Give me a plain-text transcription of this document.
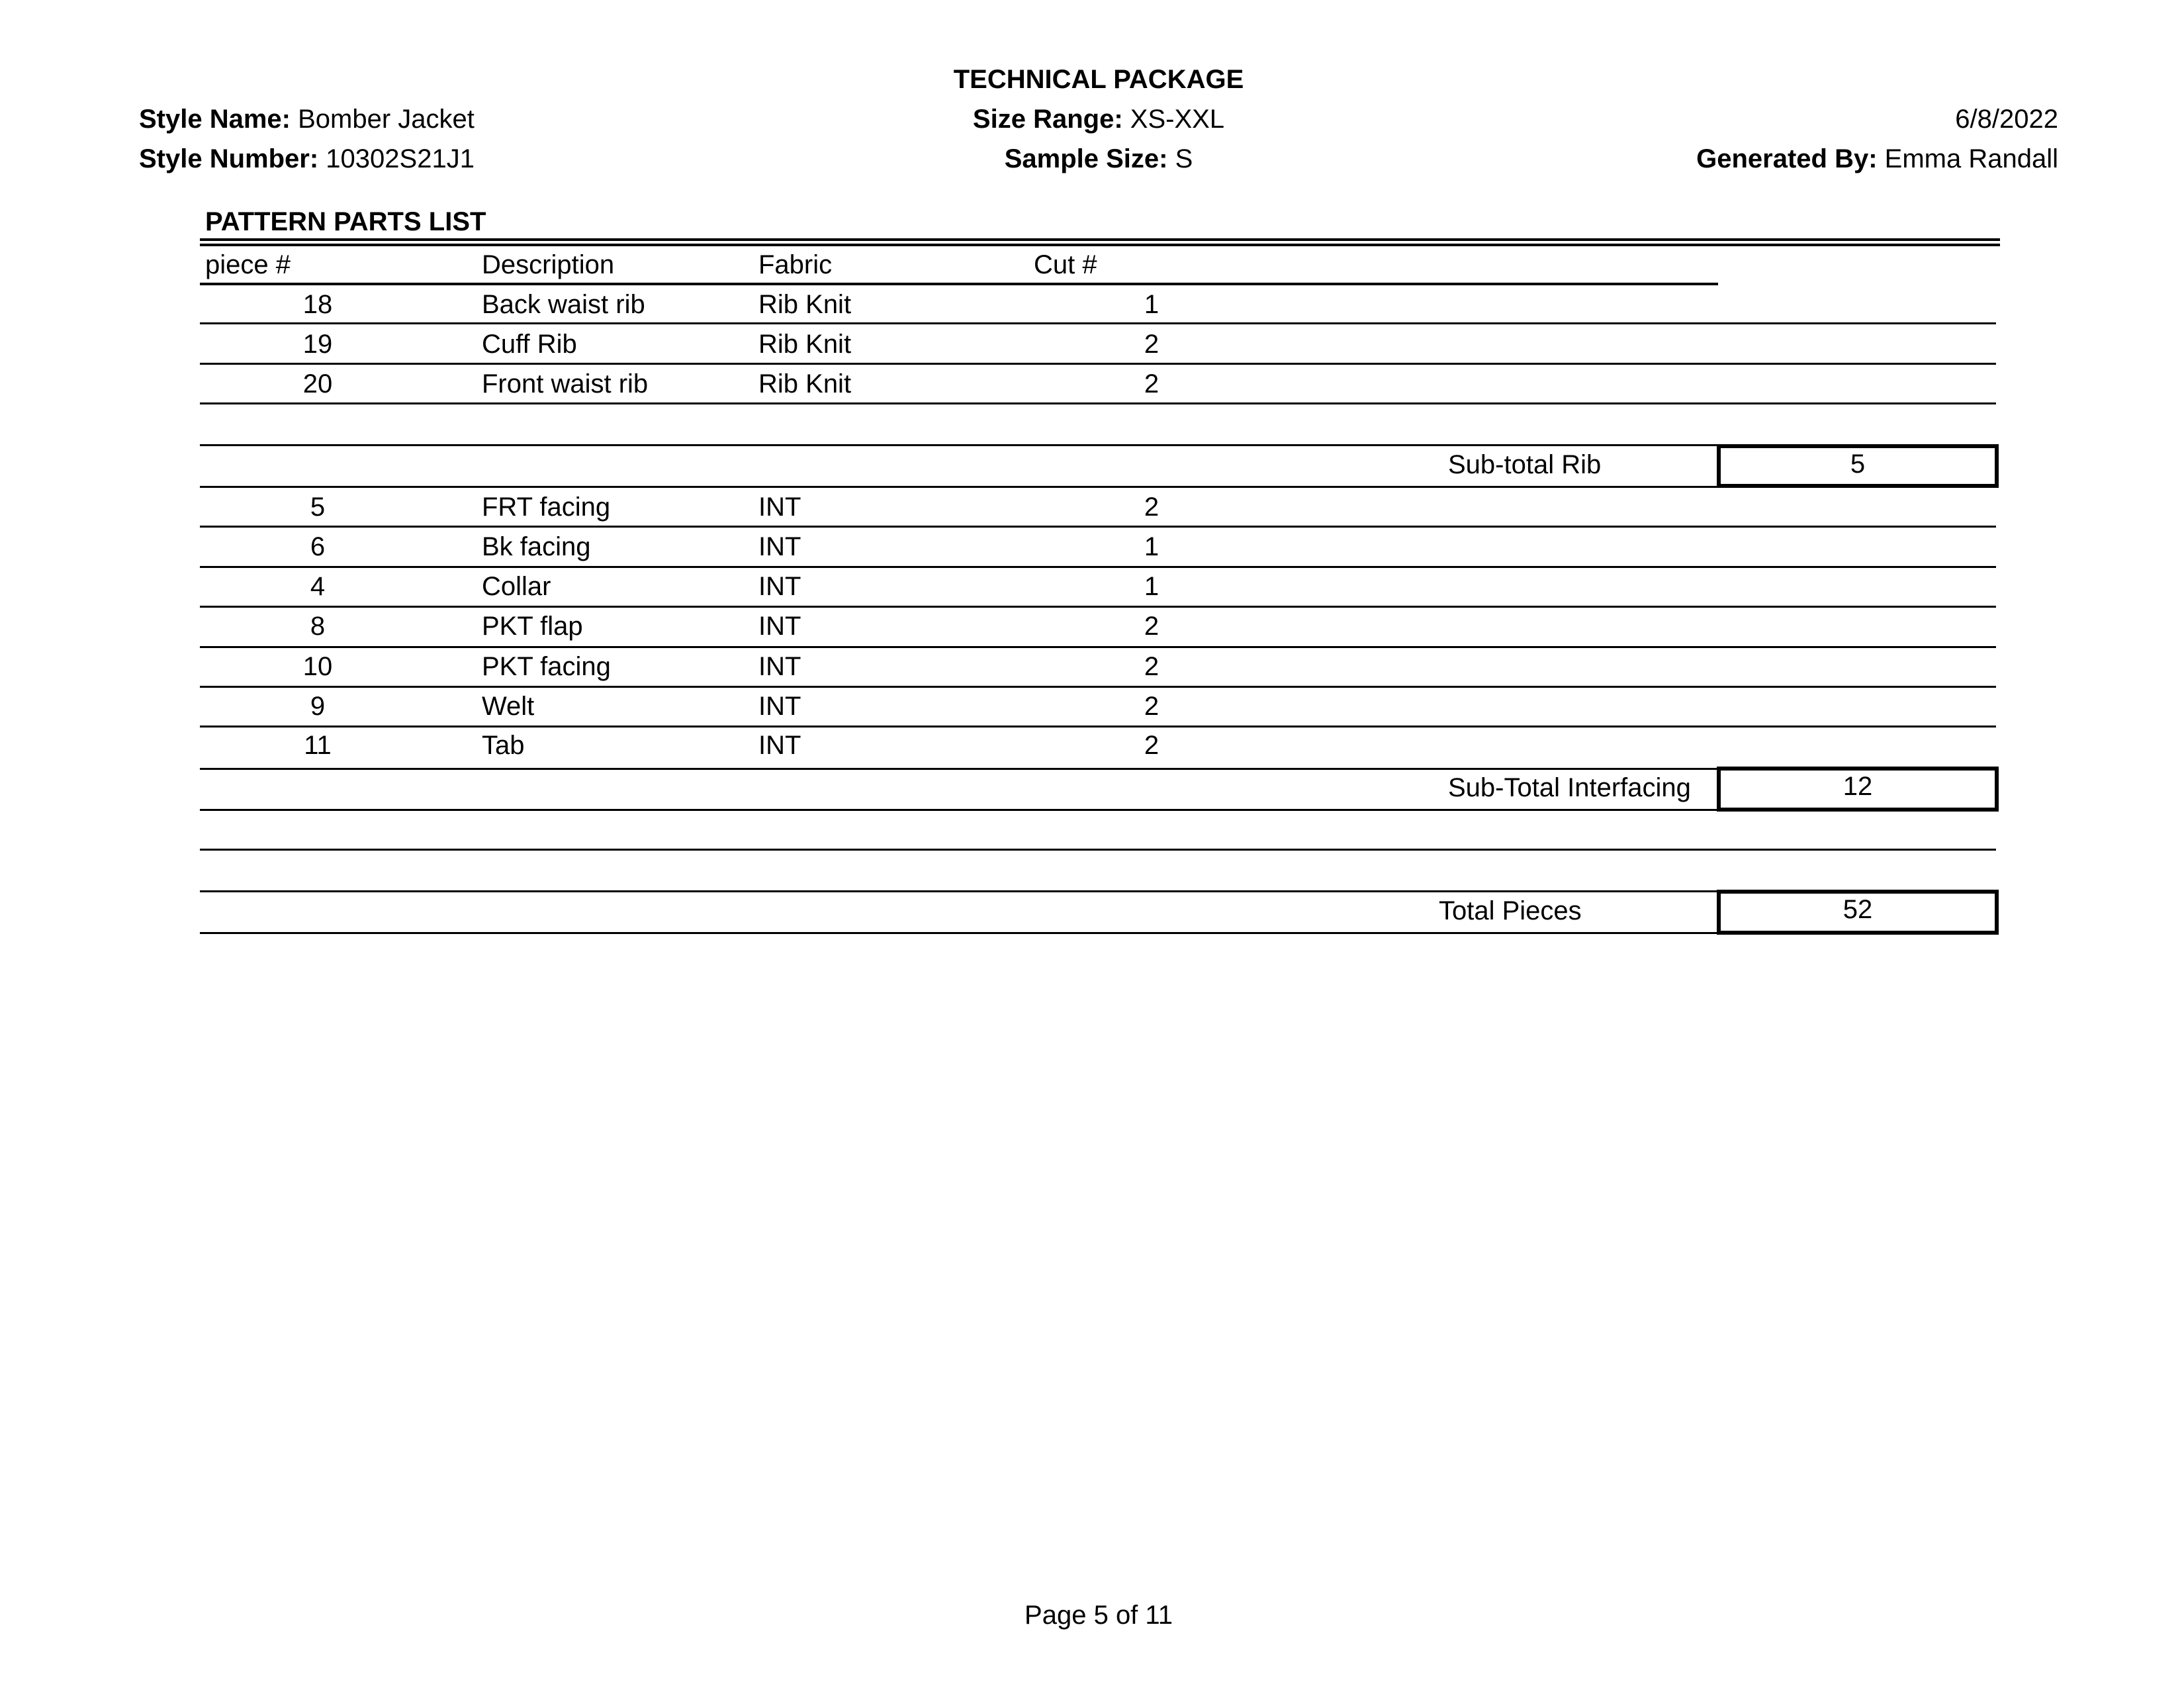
TECHNICAL PACKAGE
Style Name: Bomber Jacket
Style Number: 10302S21J1
Size Range: XS-XXL
Sample Size: S
6/8/2022
Generated By: Emma Randall
PATTERN PARTS LIST
piece #	Description	Fabric	Cut #
18	Back waist rib	Rib Knit	1
19	Cuff Rib	Rib Knit	2
20	Front waist rib	Rib Knit	2
Sub-total Rib	5
5	FRT facing	INT	2
6	Bk facing	INT	1
4	Collar	INT	1
8	PKT flap	INT	2
10	PKT facing	INT	2
9	Welt	INT	2
11	Tab	INT	2
Sub-Total Interfacing	12
Total Pieces	52
Page 5 of 11
